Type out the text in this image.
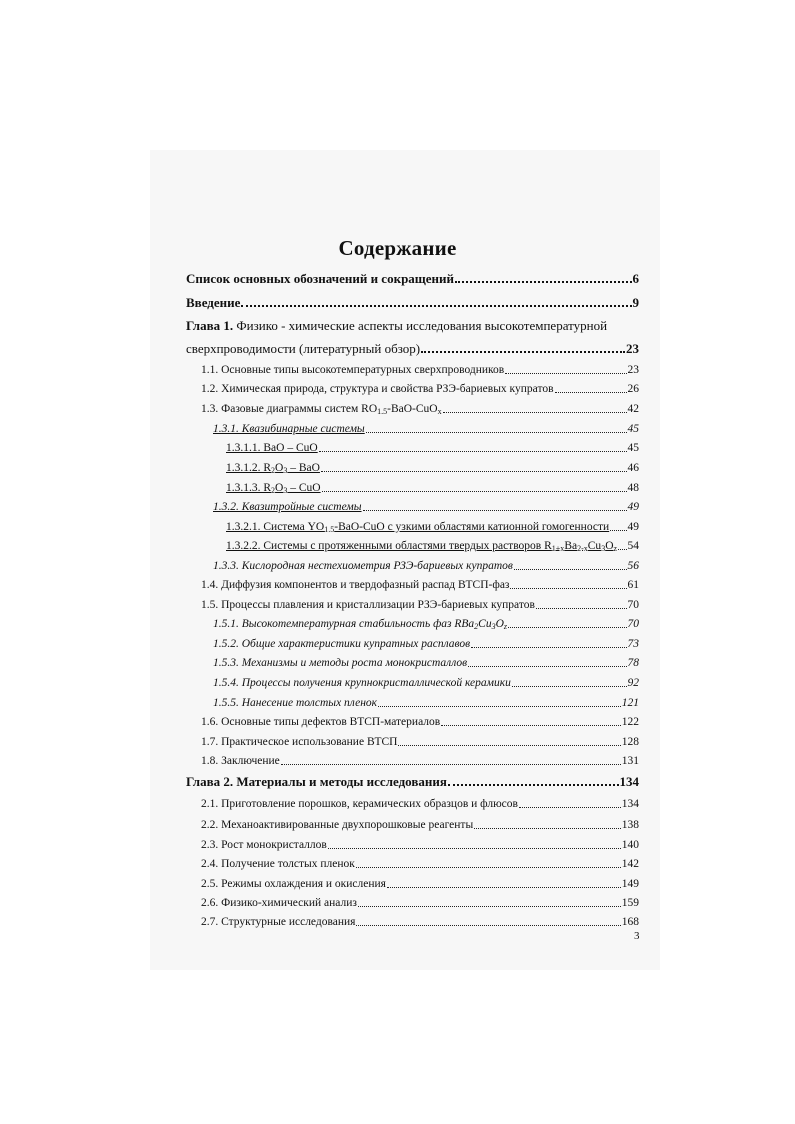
Содержание
Список основных обозначений и сокращений	6
Введение	9
Глава 1. Физико - химические аспекты исследования высокотемпературной
сверхпроводимости (литературный обзор)	23
1.1. Основные типы высокотемпературных сверхпроводников	23
1.2. Химическая природа, структура и свойства РЗЭ-бариевых купратов	26
1.3. Фазовые диаграммы систем $RO_{1.5}-BaO-CuO_x$	42
1.3.1. Квазибинарные системы	45
1.3.1.1. BaO – CuO	45
1.3.1.2. $R_2O_3$ – BaO	46
1.3.1.3. $R_2O_3$ – CuO	48
1.3.2. Квазитройные системы	49
1.3.2.1. Система $YO_{1.5}-BaO$-CuO с узкими областями катионной гомогенности 49
1.3.2.2. Системы с протяженными областями твердых растворов $R_{1+x}Ba_{2-x}Cu_3O_z$ 54
1.3.3. Кислородная нестехиометрия РЗЭ-бариевых купратов	56
1.4. Диффузия компонентов и твердофазный распад ВТСП-фаз	61
1.5. Процессы плавления и кристаллизации РЗЭ-бариевых купратов	70
1.5.1. Высокотемпературная стабильность фаз $RBa_2Cu_3O_z$	70
1.5.2. Общие характеристики купратных расплавов	73
1.5.3. Механизмы и методы роста монокристаллов	78
1.5.4. Процессы получения крупнокристаллической керамики	92
1.5.5. Нанесение толстых пленок	121
1.6. Основные типы дефектов ВТСП-материалов	122
1.7. Практическое использование ВТСП	128
1.8. Заключение	131
Глава 2. Материалы и методы исследования	134
2.1. Приготовление порошков, керамических образцов и флюсов	134
2.2. Механоактивированные двухпорошковые реагенты	138
2.3. Рост монокристаллов	140
2.4. Получение толстых пленок	142
2.5. Режимы охлаждения и окисления	149
2.6. Физико-химический анализ	159
2.7. Структурные исследования	168
3
